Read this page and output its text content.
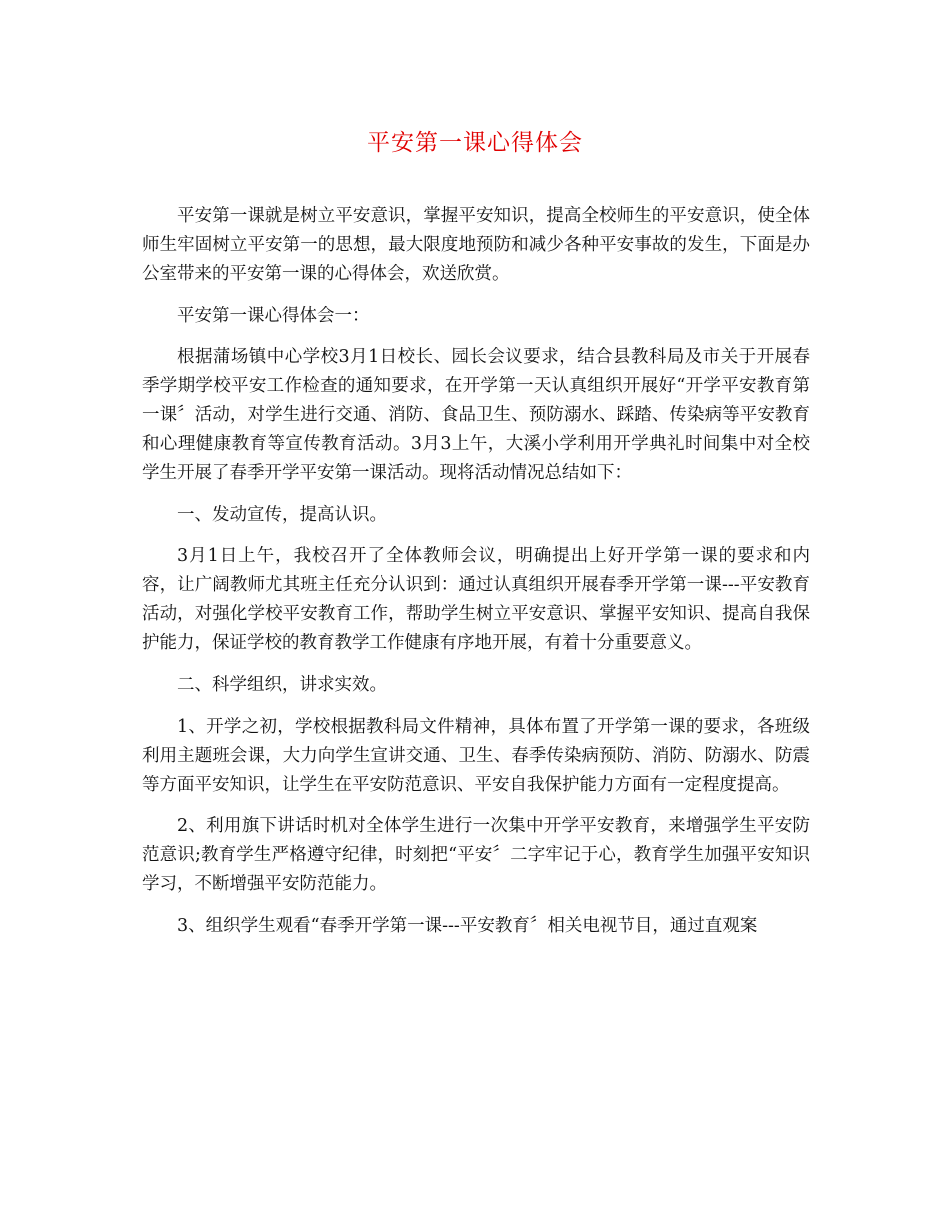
平安第一课心得体会

平安第一课就是树立平安意识，掌握平安知识，提高全校师生的平安意识，使全体师生牢固树立平安第一的思想，最大限度地预防和减少各种平安事故的发生，下面是办公室带来的平安第一课的心得体会，欢送欣赏。

平安第一课心得体会一：

根据蒲场镇中心学校3月1日校长、园长会议要求，结合县教科局及市关于开展春季学期学校平安工作检查的通知要求，在开学第一天认真组织开展好“开学平安教育第一课〞活动，对学生进行交通、消防、食品卫生、预防溺水、踩踏、传染病等平安教育和心理健康教育等宣传教育活动。3月3上午，大溪小学利用开学典礼时间集中对全校学生开展了春季开学平安第一课活动。现将活动情况总结如下：

一、发动宣传，提高认识。

3月1日上午，我校召开了全体教师会议，明确提出上好开学第一课的要求和内容，让广阔教师尤其班主任充分认识到：通过认真组织开展春季开学第一课---平安教育活动，对强化学校平安教育工作，帮助学生树立平安意识、掌握平安知识、提高自我保护能力，保证学校的教育教学工作健康有序地开展，有着十分重要意义。

二、科学组织，讲求实效。

1、开学之初，学校根据教科局文件精神，具体布置了开学第一课的要求，各班级利用主题班会课，大力向学生宣讲交通、卫生、春季传染病预防、消防、防溺水、防震等方面平安知识，让学生在平安防范意识、平安自我保护能力方面有一定程度提高。

2、利用旗下讲话时机对全体学生进行一次集中开学平安教育，来增强学生平安防范意识;教育学生严格遵守纪律，时刻把“平安〞二字牢记于心，教育学生加强平安知识学习，不断增强平安防范能力。

3、组织学生观看“春季开学第一课---平安教育〞相关电视节目，通过直观案
